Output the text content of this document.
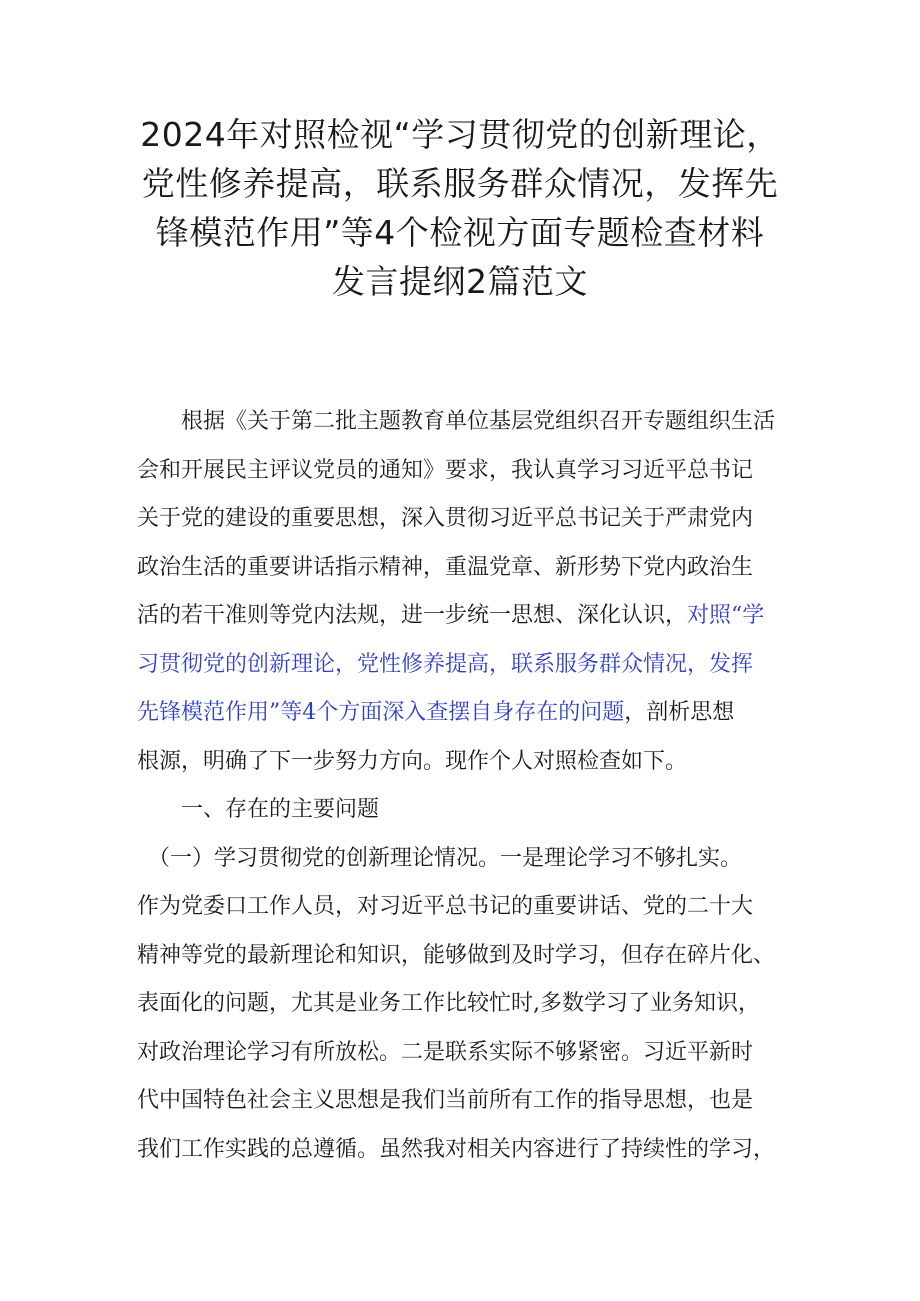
2024年对照检视“学习贯彻党的创新理论，
党性修养提高，联系服务群众情况，发挥先
锋模范作用”等4个检视方面专题检查材料
发言提纲2篇范文
　　根据《关于第二批主题教育单位基层党组织召开专题组织生活
会和开展民主评议党员的通知》要求，我认真学习习近平总书记
关于党的建设的重要思想，深入贯彻习近平总书记关于严肃党内
政治生活的重要讲话指示精神，重温党章、新形势下党内政治生
活的若干准则等党内法规，进一步统一思想、深化认识，对照“学
习贯彻党的创新理论，党性修养提高，联系服务群众情况，发挥
先锋模范作用”等4个方面深入查摆自身存在的问题，剖析思想
根源，明确了下一步努力方向。现作个人对照检查如下。
　　一、存在的主要问题
　（一）学习贯彻党的创新理论情况。一是理论学习不够扎实。
作为党委口工作人员，对习近平总书记的重要讲话、党的二十大
精神等党的最新理论和知识，能够做到及时学习，但存在碎片化、
表面化的问题，尤其是业务工作比较忙时,多数学习了业务知识，
对政治理论学习有所放松。二是联系实际不够紧密。习近平新时
代中国特色社会主义思想是我们当前所有工作的指导思想，也是
我们工作实践的总遵循。虽然我对相关内容进行了持续性的学习，
